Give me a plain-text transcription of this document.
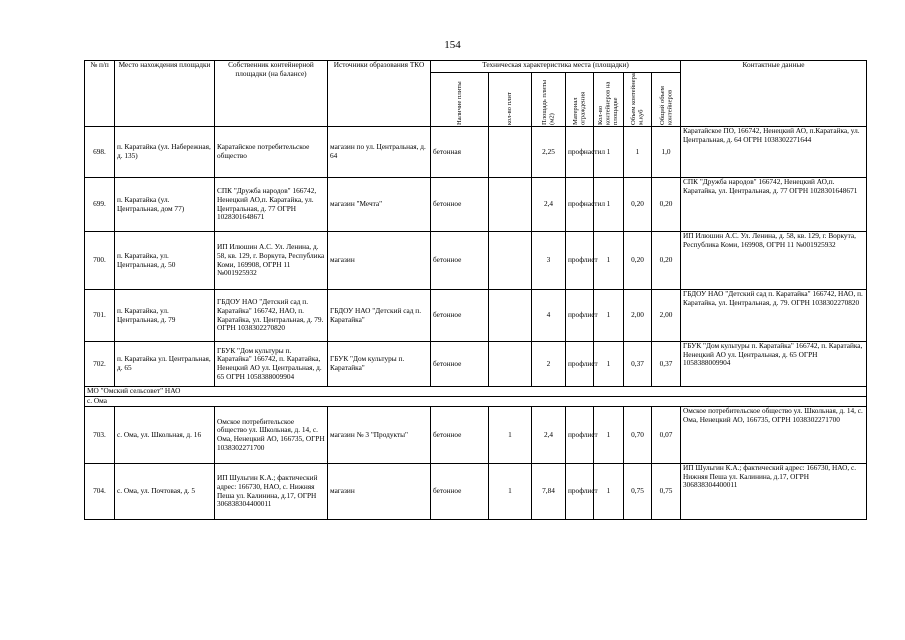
154
№ п/п	Место нахождения площадки	Собственник контейнерной площадки (на балансе)	Источники образования ТКО	Техническая характеристика места (площадки)							Контактные данные

				Наличие плиты	кол-во плит	Площадь плиты (м2)	Материал ограждения	Кол-во контейнеров на площадке	Объем контейнера м.куб	Общий объем контейнеров	

698.	п. Каратайка (ул. Набережная, д. 135)	Каратайское потребительское общество	магазин по ул. Центральная, д. 64	бетонная		2,25	профнастил	1	1	1,0	Каратайское ПО, 166742, Ненецкий АО, п.Каратайка, ул. Центральная, д. 64 ОГРН 1038302271644
699.	п. Каратайка (ул. Центральная, дом 77)	СПК "Дружба народов" 166742, Ненецкий АО,п. Каратайка, ул. Центральная, д. 77 ОГРН 1028301648671	магазин "Мечта"	бетонное		2,4	профнастил	1	0,20	0,20	СПК "Дружба народов" 166742, Ненецкий АО,п. Каратайка, ул. Центральная, д. 77 ОГРН 1028301648671
700.	п. Каратайка, ул. Центральная, д. 50	ИП Илюшин А.С. Ул. Ленина, д. 58, кв. 129, г. Воркута, Республика Коми, 169908, ОГРН 11 №001925932	магазин	бетонное		3	профлист	1	0,20	0,20	ИП Илюшин А.С. Ул. Ленина, д. 58, кв. 129, г. Воркута, Республика Коми, 169908, ОГРН 11 №001925932
701.	п. Каратайка, ул. Центральная, д. 79	ГБДОУ НАО "Детский сад п. Каратайка" 166742, НАО, п. Каратайка, ул. Центральная, д. 79. ОГРН 1038302270820	ГБДОУ НАО "Детский сад п. Каратайка"	бетонное		4	профлист	1	2,00	2,00	ГБДОУ НАО "Детский сад п. Каратайка" 166742, НАО, п. Каратайка, ул. Центральная, д. 79. ОГРН 1038302270820
702.	п. Каратайка ул. Центральная, д. 65	ГБУК "Дом культуры п. Каратайка" 166742, п. Каратайка, Ненецкий АО ул. Центральная, д. 65 ОГРН 1058388009904	ГБУК "Дом культуры п. Каратайка"	бетонное		2	профлист	1	0,37	0,37	ГБУК "Дом культуры п. Каратайка" 166742, п. Каратайка, Ненецкий АО ул. Центральная, д. 65 ОГРН 1058388009904
МО "Омский сельсовет" НАО											
с. Ома											
703.	с. Ома, ул. Школьная, д. 16	Омское потребительское общество ул. Школьная, д. 14, с. Ома, Ненецкий АО, 166735, ОГРН 1038302271700	магазин № 3 "Продукты"	бетонное	1	2,4	профлист	1	0,70	0,07	Омское потребительское общество ул. Школьная, д. 14, с. Ома, Ненецкий АО, 166735, ОГРН 1038302271700
704.	с. Ома, ул. Почтовая, д. 5	ИП Шульгин К.А.; фактический адрес: 166730, НАО, с. Нижняя Пеша ул. Калинина, д.17, ОГРН 306838304400011	магазин	бетонное	1	7,84	профлист	1	0,75	0,75	ИП Шульгин К.А.; фактический адрес: 166730, НАО, с. Нижняя Пеша ул. Калинина, д.17, ОГРН 306838304400011
